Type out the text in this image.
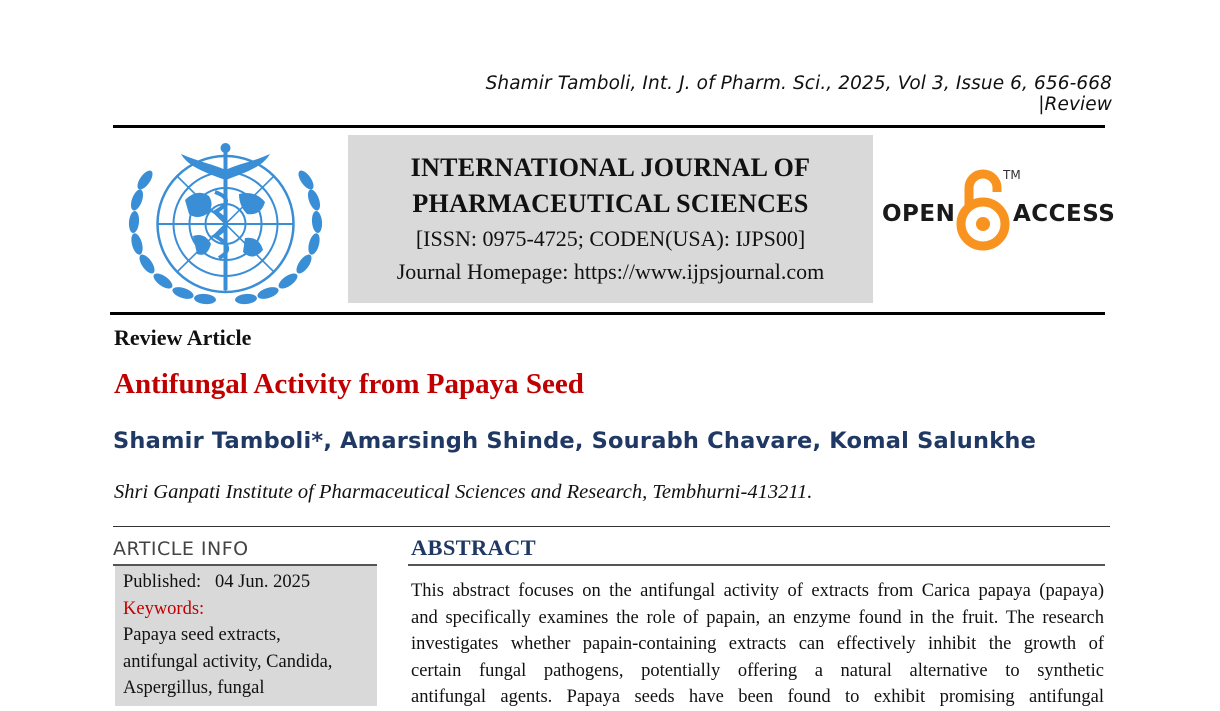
Shamir Tamboli, Int. J. of Pharm. Sci., 2025, Vol 3, Issue 6, 656-668 |Review
INTERNATIONAL JOURNAL OF
PHARMACEUTICAL SCIENCES
[ISSN: 0975-4725; CODEN(USA): IJPS00]
Journal Homepage: https://www.ijpsjournal.com
OPEN
TM
ACCESS
Review Article
Antifungal Activity from Papaya Seed
Shamir Tamboli*, Amarsingh Shinde, Sourabh Chavare, Komal Salunkhe
Shri Ganpati Institute of Pharmaceutical Sciences and Research, Tembhurni-413211.
ARTICLE INFO
Published: 04 Jun. 2025
Keywords:
Papaya seed extracts,
antifungal activity, Candida,
Aspergillus, fungal
ABSTRACT
This abstract focuses on the antifungal activity of extracts from Carica papaya (papaya)
and specifically examines the role of papain, an enzyme found in the fruit. The research
investigates whether papain-containing extracts can effectively inhibit the growth of
certain fungal pathogens, potentially offering a natural alternative to synthetic
antifungal agents. Papaya seeds have been found to exhibit promising antifungal
